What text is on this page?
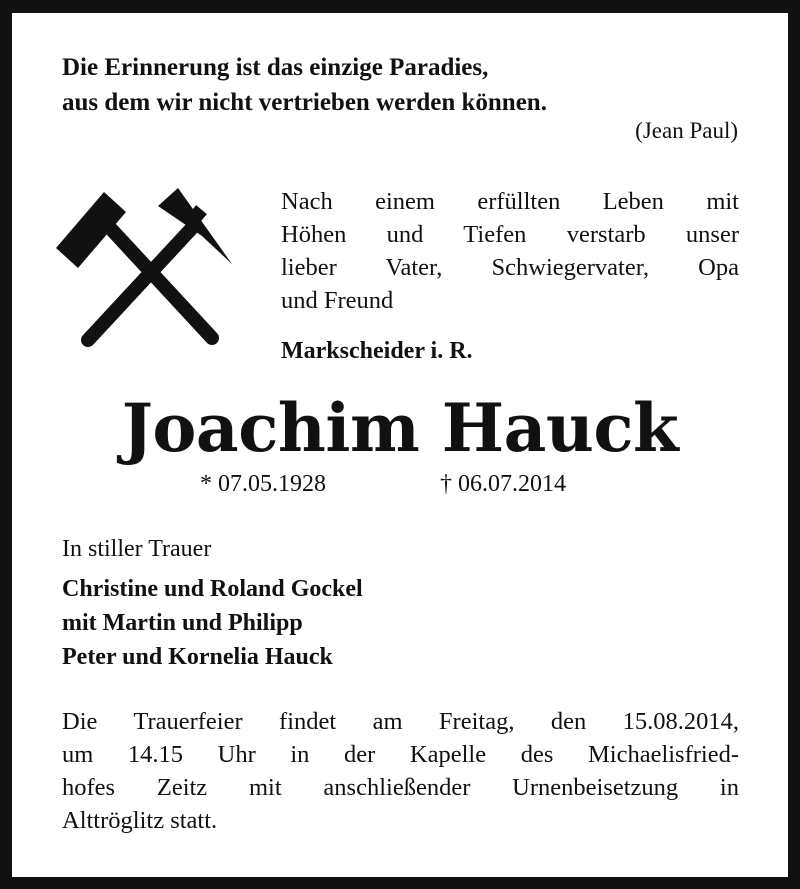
Die Erinnerung ist das einzige Paradies,
aus dem wir nicht vertrieben werden können.
(Jean Paul)
Nach einem erfüllten Leben mit
Höhen und Tiefen verstarb unser
lieber Vater, Schwiegervater, Opa
und Freund
Markscheider i. R.
Joachim Hauck
* 07.05.1928	† 06.07.2014
In stiller Trauer
Christine und Roland Gockel
mit Martin und Philipp
Peter und Kornelia Hauck
Die Trauerfeier findet am Freitag, den 15.08.2014,
um 14.15 Uhr in der Kapelle des Michaelisfried-
hofes Zeitz mit anschließender Urnenbeisetzung in
Alttröglitz statt.
